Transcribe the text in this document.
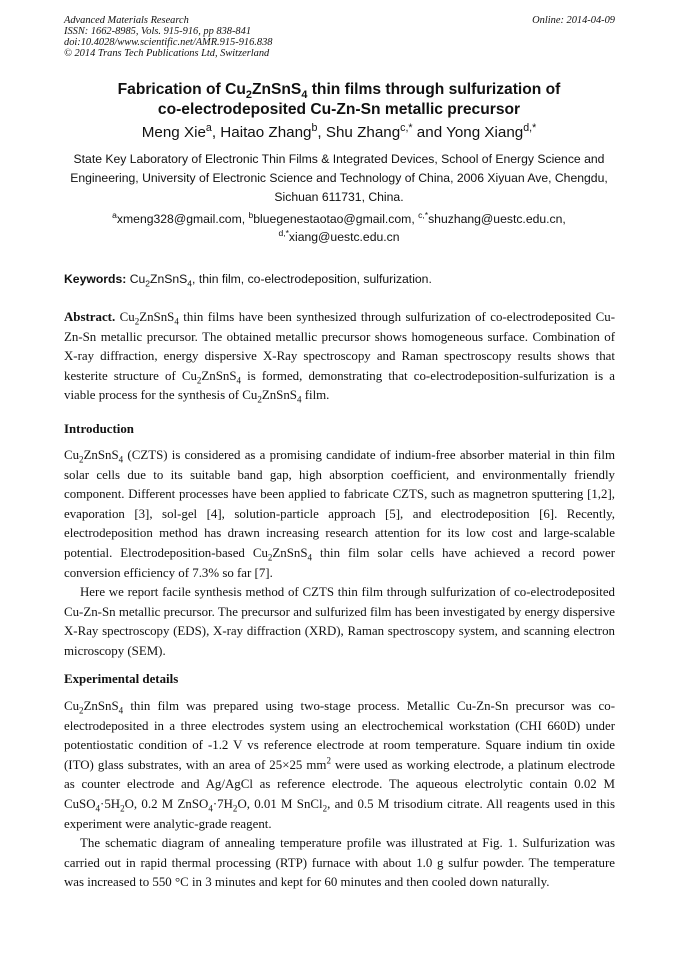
Advanced Materials Research
ISSN: 1662-8985, Vols. 915-916, pp 838-841
doi:10.4028/www.scientific.net/AMR.915-916.838
© 2014 Trans Tech Publications Ltd, Switzerland
Online: 2014-04-09
Fabrication of $Cu_2ZnSnS_4$ thin films through sulfurization of
co-electrodeposited Cu-Zn-Sn metallic precursor
Meng Xie$^a$, Haitao Zhang$^b$, Shu Zhang$^{c,*}$ and Yong Xiang$^{d,*}$
State Key Laboratory of Electronic Thin Films & Integrated Devices, School of Energy Science and
Engineering, University of Electronic Science and Technology of China, 2006 Xiyuan Ave, Chengdu,
Sichuan 611731, China.
$^a$xmeng328@gmail.com, $^b$bluegenestaotao@gmail.com, $^{c,*}$shuzhang@uestc.edu.cn,
$^{d,*}$xiang@uestc.edu.cn
Keywords: $Cu_2ZnSnS_4$, thin film, co-electrodeposition, sulfurization.

Abstract. $Cu_2ZnSnS_4$ thin films have been synthesized through sulfurization of co-electrodeposited Cu-Zn-Sn metallic precursor. The obtained metallic precursor shows homogeneous surface. Combination of X-ray diffraction, energy dispersive X-Ray spectroscopy and Raman spectroscopy results shows that kesterite structure of $Cu_2ZnSnS_4$ is formed, demonstrating that co-electrodeposition-sulfurization is a viable process for the synthesis of $Cu_2ZnSnS_4$ film.

Introduction

$Cu_2ZnSnS_4$ (CZTS) is considered as a promising candidate of indium-free absorber material in thin film solar cells due to its suitable band gap, high absorption coefficient, and environmentally friendly component. Different processes have been applied to fabricate CZTS, such as magnetron sputtering [1,2], evaporation [3], sol-gel [4], solution-particle approach [5], and electrodeposition [6]. Recently, electrodeposition method has drawn increasing research attention for its low cost and large-scalable potential. Electrodeposition-based $Cu_2ZnSnS_4$ thin film solar cells have achieved a record power conversion efficiency of 7.3% so far [7].

Here we report facile synthesis method of CZTS thin film through sulfurization of co-electrodeposited Cu-Zn-Sn metallic precursor. The precursor and sulfurized film has been investigated by energy dispersive X-Ray spectroscopy (EDS), X-ray diffraction (XRD), Raman spectroscopy system, and scanning electron microscopy (SEM).

Experimental details

$Cu_2ZnSnS_4$ thin film was prepared using two-stage process. Metallic Cu-Zn-Sn precursor was co-electrodeposited in a three electrodes system using an electrochemical workstation (CHI 660D) under potentiostatic condition of -1.2 V vs reference electrode at room temperature. Square indium tin oxide (ITO) glass substrates, with an area of 25×25 $mm^2$ were used as working electrode, a platinum electrode as counter electrode and Ag/AgCl as reference electrode. The aqueous electrolytic contain 0.02 M $CuSO_4\cdot 5H_2O$, 0.2 M $ZnSO_4\cdot 7H_2O$, 0.01 M SnCl$_2$, and 0.5 M trisodium citrate. All reagents used in this experiment were analytic-grade reagent.

The schematic diagram of annealing temperature profile was illustrated at Fig. 1. Sulfurization was carried out in rapid thermal processing (RTP) furnace with about 1.0 g sulfur powder. The temperature was increased to 550 °C in 3 minutes and kept for 60 minutes and then cooled down naturally.
